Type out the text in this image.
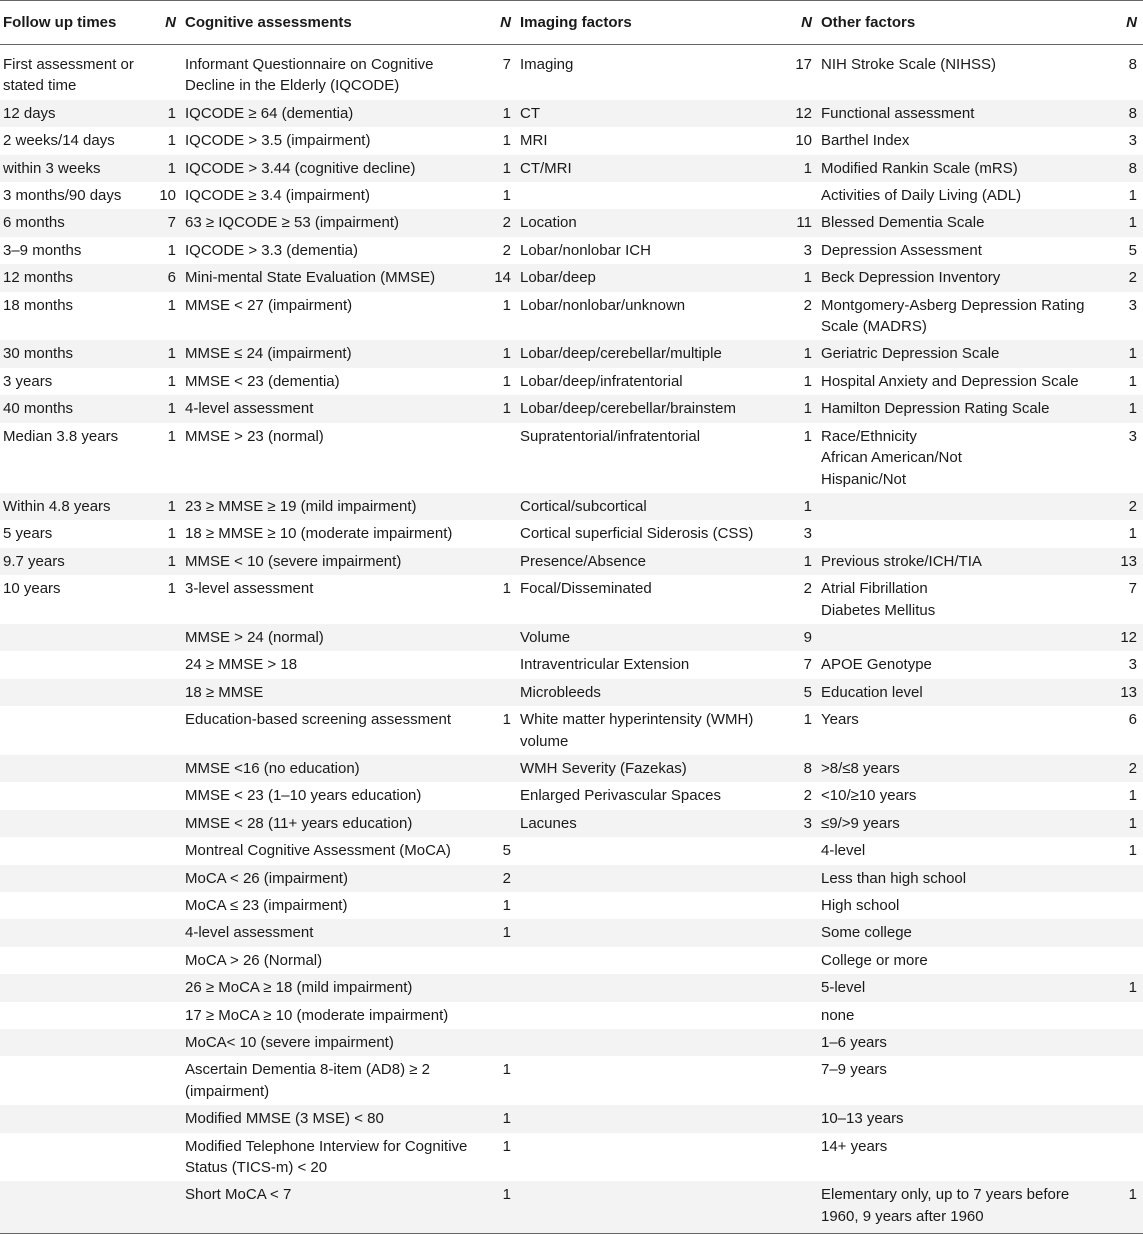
Follow up times	N	Cognitive assessments	N	Imaging factors	N	Other factors	N
First assessment or stated time		Informant Questionnaire on Cognitive Decline in the Elderly (IQCODE)	7	Imaging	17	NIH Stroke Scale (NIHSS)	8
12 days	1	IQCODE ≥ 64 (dementia)	1	CT	12	Functional assessment	8
2 weeks/14 days	1	IQCODE > 3.5 (impairment)	1	MRI	10	Barthel Index	3
within 3 weeks	1	IQCODE > 3.44 (cognitive decline)	1	CT/MRI	1	Modified Rankin Scale (mRS)	8
3 months/90 days	10	IQCODE ≥ 3.4 (impairment)	1			Activities of Daily Living (ADL)	1
6 months	7	63 ≥ IQCODE ≥ 53 (impairment)	2	Location	11	Blessed Dementia Scale	1
3–9 months	1	IQCODE > 3.3 (dementia)	2	Lobar/nonlobar ICH	3	Depression Assessment	5
12 months	6	Mini-mental State Evaluation (MMSE)	14	Lobar/deep	1	Beck Depression Inventory	2
18 months	1	MMSE < 27 (impairment)	1	Lobar/nonlobar/unknown	2	Montgomery-Asberg Depression Rating Scale (MADRS)	3
30 months	1	MMSE ≤ 24 (impairment)	1	Lobar/deep/cerebellar/multiple	1	Geriatric Depression Scale	1
3 years	1	MMSE < 23 (dementia)	1	Lobar/deep/infratentorial	1	Hospital Anxiety and Depression Scale	1
40 months	1	4-level assessment	1	Lobar/deep/cerebellar/brainstem	1	Hamilton Depression Rating Scale	1
Median 3.8 years	1	MMSE > 23 (normal)		Supratentorial/infratentorial	1	Race/Ethnicity
African American/Not
Hispanic/Not	3
Within 4.8 years	1	23 ≥ MMSE ≥ 19 (mild impairment)		Cortical/subcortical	1		2
5 years	1	18 ≥ MMSE ≥ 10 (moderate impairment)		Cortical superficial Siderosis (CSS)	3		1
9.7 years	1	MMSE < 10 (severe impairment)		Presence/Absence	1	Previous stroke/ICH/TIA	13
10 years	1	3-level assessment	1	Focal/Disseminated	2	Atrial Fibrillation
Diabetes Mellitus	7
		MMSE > 24 (normal)		Volume	9		12
		24 ≥ MMSE > 18		Intraventricular Extension	7	APOE Genotype	3
		18 ≥ MMSE		Microbleeds	5	Education level	13
		Education-based screening assessment	1	White matter hyperintensity (WMH) volume	1	Years	6
		MMSE <16 (no education)		WMH Severity (Fazekas)	8	>8/≤8 years	2
		MMSE < 23 (1–10 years education)		Enlarged Perivascular Spaces	2	<10/≥10 years	1
		MMSE < 28 (11+ years education)		Lacunes	3	≤9/>9 years	1
		Montreal Cognitive Assessment (MoCA)	5			4-level	1
		MoCA < 26 (impairment)	2			Less than high school	
		MoCA ≤ 23 (impairment)	1			High school	
		4-level assessment	1			Some college	
		MoCA > 26 (Normal)				College or more	
		26 ≥ MoCA ≥ 18 (mild impairment)				5-level	1
		17 ≥ MoCA ≥ 10 (moderate impairment)				none	
		MoCA< 10 (severe impairment)				1–6 years	
		Ascertain Dementia 8-item (AD8) ≥ 2 (impairment)	1			7–9 years	
		Modified MMSE (3 MSE) < 80	1			10–13 years	
		Modified Telephone Interview for Cognitive Status (TICS-m) < 20	1			14+ years	
		Short MoCA < 7	1			Elementary only, up to 7 years before 1960, 9 years after 1960	1
